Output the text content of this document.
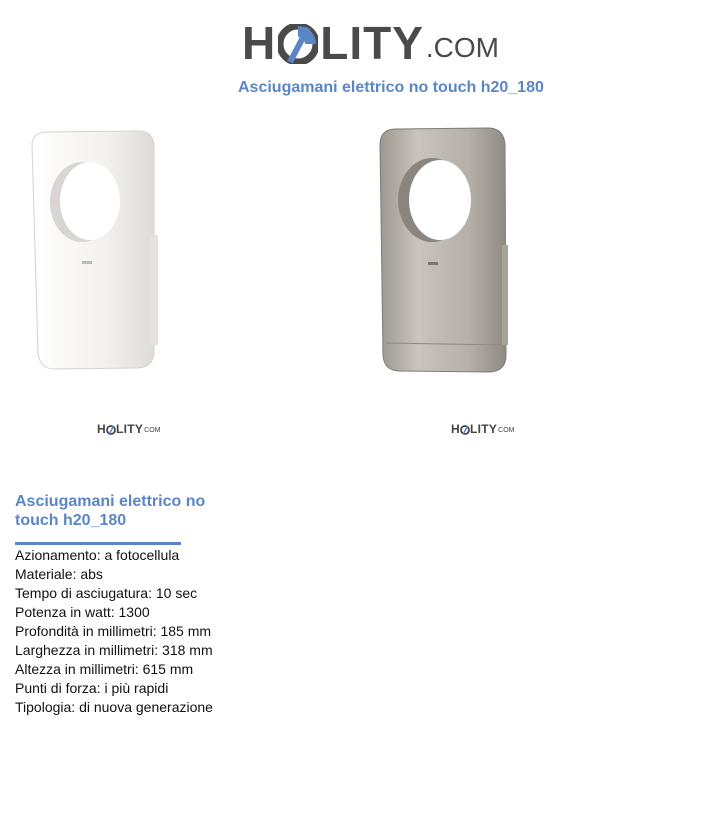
H LITY .COM
Asciugamani elettrico no touch h20_180
H LITY COM	H LITY COM
Asciugamani elettrico no touch h20_180
Azionamento: a fotocellula
Materiale: abs
Tempo di asciugatura: 10 sec
Potenza in watt: 1300
Profondità in millimetri: 185 mm
Larghezza in millimetri: 318 mm
Altezza in millimetri: 615 mm
Punti di forza: i più rapidi
Tipologia: di nuova generazione
